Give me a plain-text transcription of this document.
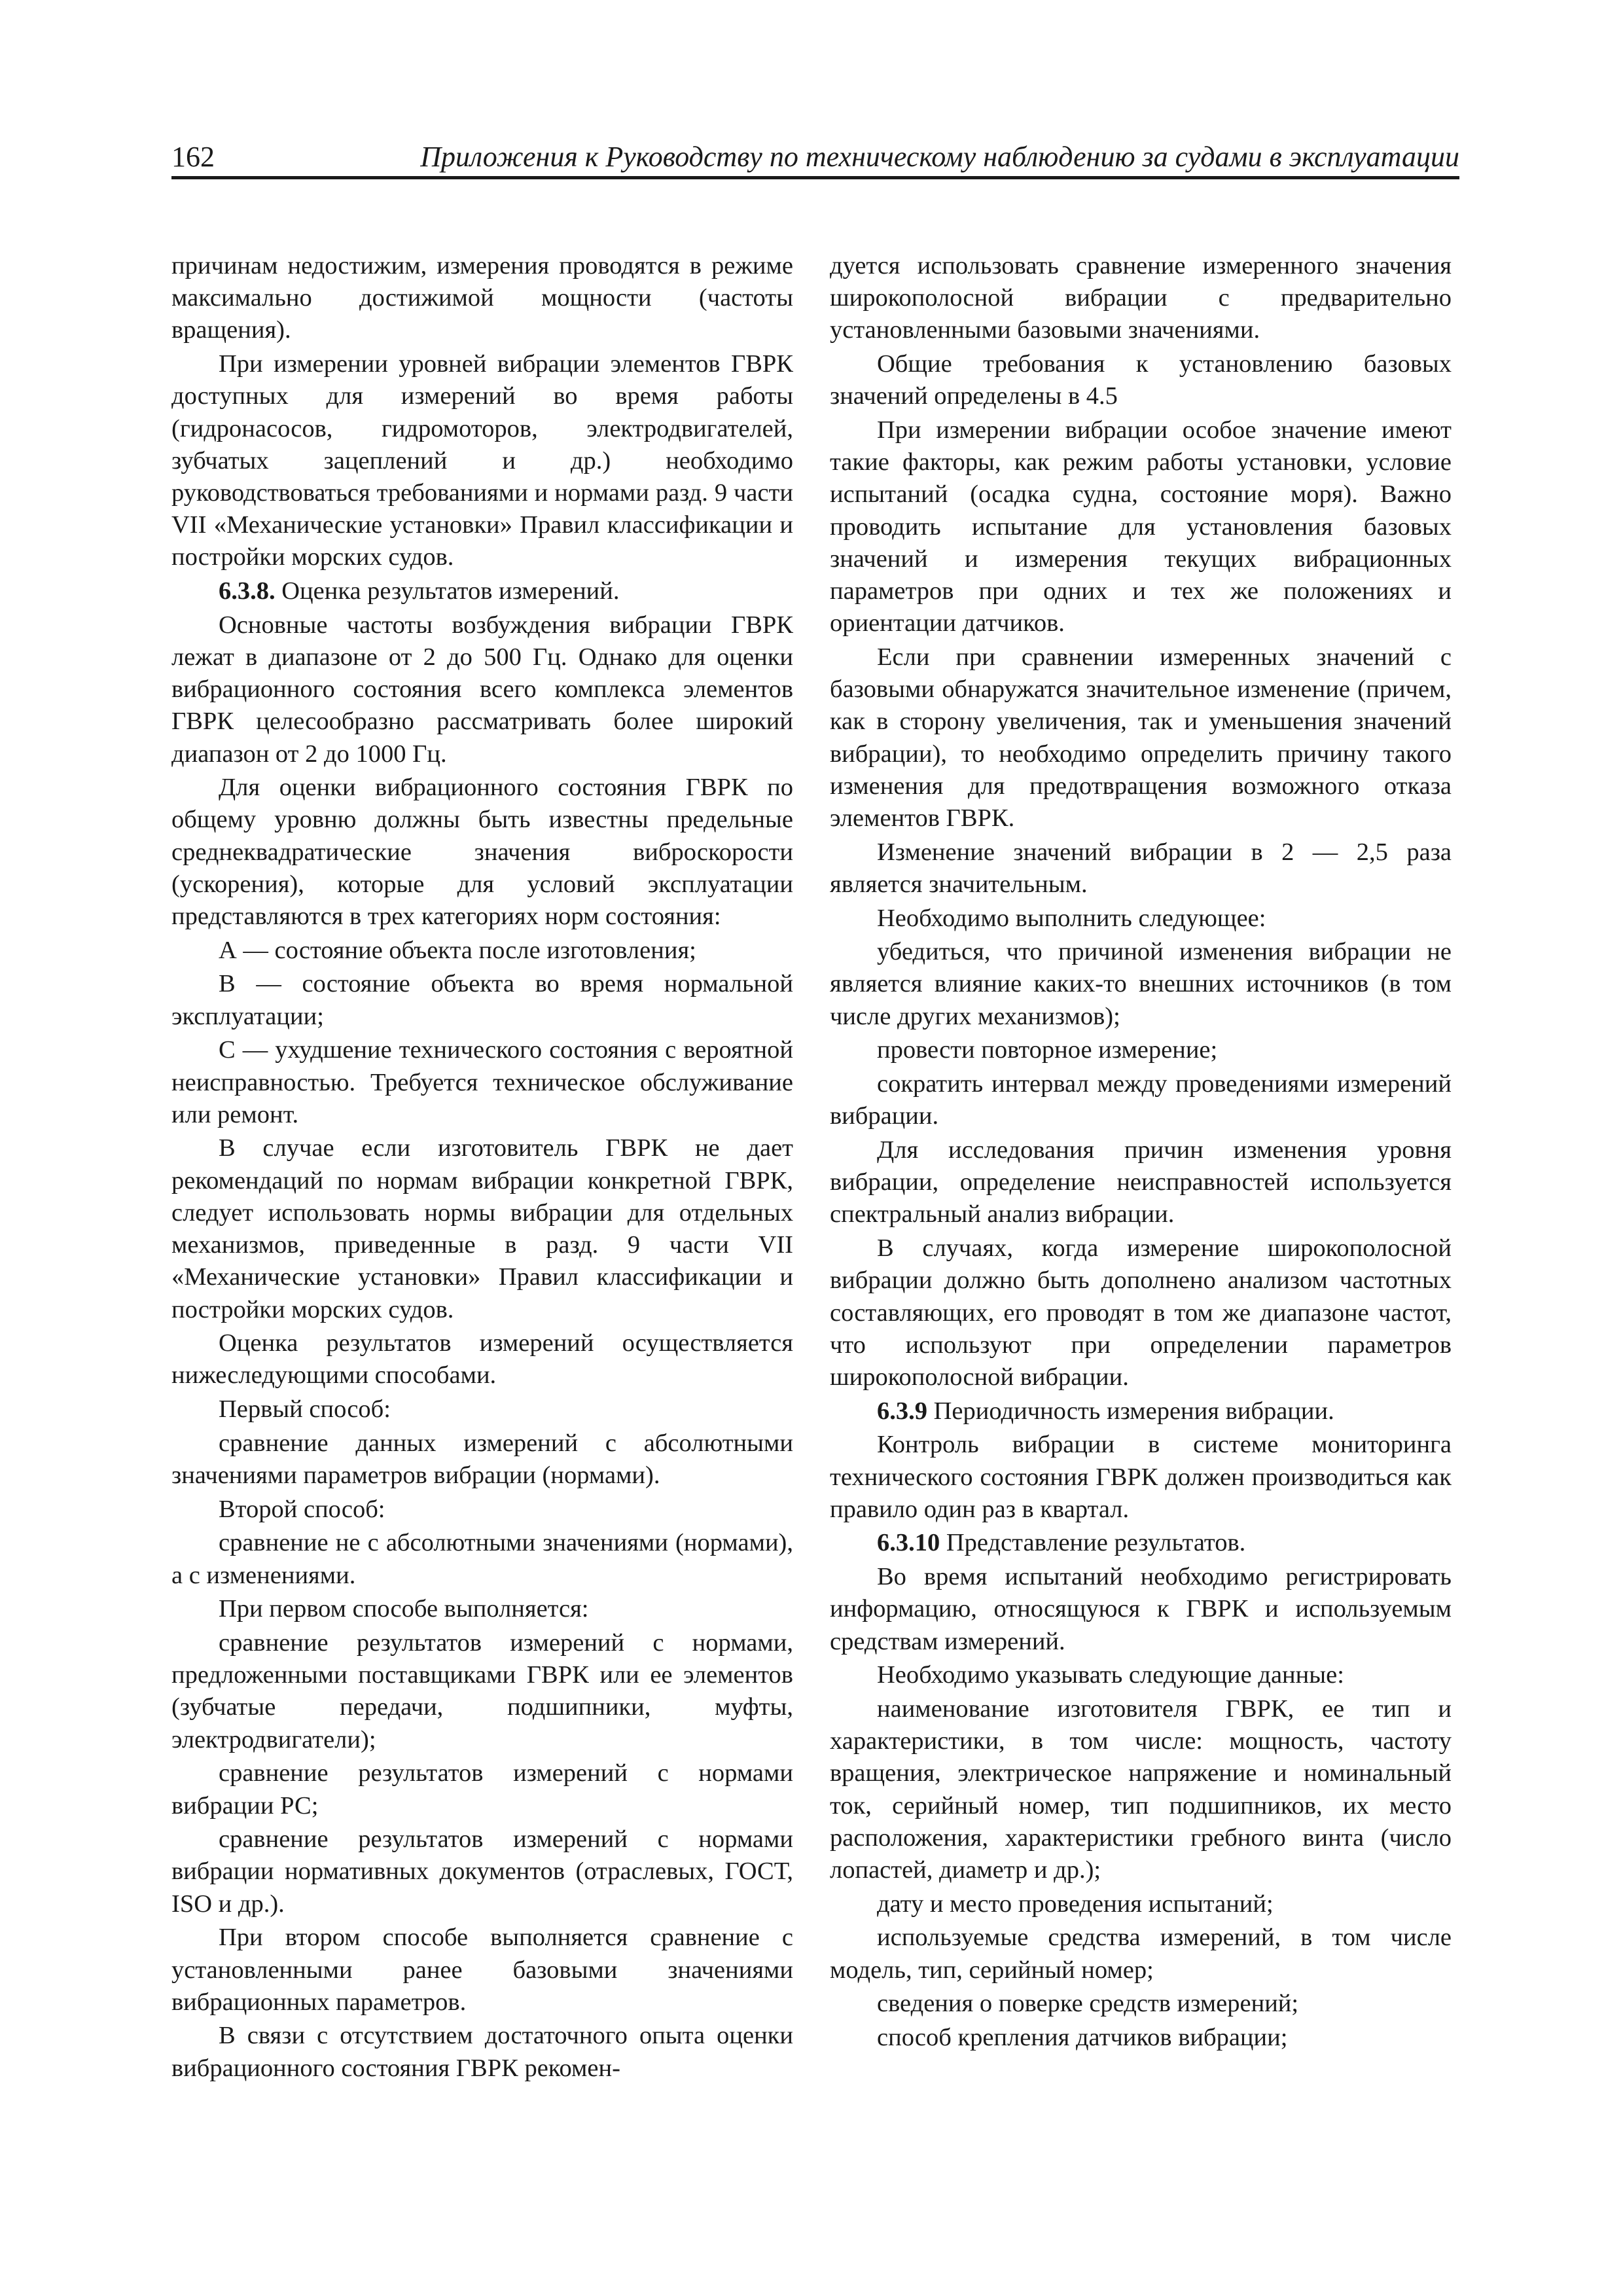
162	Приложения к Руководству по техническому наблюдению за судами в эксплуатации

причинам недостижим, измерения проводятся в режиме максимально достижимой мощности (частоты вращения).

При измерении уровней вибрации элементов ГВРК доступных для измерений во время работы (гидронасосов, гидромоторов, электродвигателей, зубчатых зацеплений и др.) необходимо руководствоваться требованиями и нормами разд. 9 части VII «Механические установки» Правил классификации и постройки морских судов.

6.3.8. Оценка результатов измерений.

Основные частоты возбуждения вибрации ГВРК лежат в диапазоне от 2 до 500 Гц. Однако для оценки вибрационного состояния всего комплекса элементов ГВРК целесообразно рассматривать более широкий диапазон от 2 до 1000 Гц.

Для оценки вибрационного состояния ГВРК по общему уровню должны быть известны предельные среднеквадратические значения виброскорости (ускорения), которые для условий эксплуатации представляются в трех категориях норм состояния:

А — состояние объекта после изготовления;

В — состояние объекта во время нормальной эксплуатации;

С — ухудшение технического состояния с вероятной неисправностью. Требуется техническое обслуживание или ремонт.

В случае если изготовитель ГВРК не дает рекомендаций по нормам вибрации конкретной ГВРК, следует использовать нормы вибрации для отдельных механизмов, приведенные в разд. 9 части VII «Механические установки» Правил классификации и постройки морских судов.

Оценка результатов измерений осуществляется нижеследующими способами.

Первый способ:

сравнение данных измерений с абсолютными значениями параметров вибрации (нормами).

Второй способ:

сравнение не с абсолютными значениями (нормами), а с изменениями.

При первом способе выполняется:

сравнение результатов измерений с нормами, предложенными поставщиками ГВРК или ее элементов (зубчатые передачи, подшипники, муфты, электродвигатели);

сравнение результатов измерений с нормами вибрации РС;

сравнение результатов измерений с нормами вибрации нормативных документов (отраслевых, ГОСТ, ISO и др.).

При втором способе выполняется сравнение с установленными ранее базовыми значениями вибрационных параметров.

В связи с отсутствием достаточного опыта оценки вибрационного состояния ГВРК рекомен-

дуется использовать сравнение измеренного значения широкополосной вибрации с предварительно установленными базовыми значениями.

Общие требования к установлению базовых значений определены в 4.5

При измерении вибрации особое значение имеют такие факторы, как режим работы установки, условие испытаний (осадка судна, состояние моря). Важно проводить испытание для установления базовых значений и измерения текущих вибрационных параметров при одних и тех же положениях и ориентации датчиков.

Если при сравнении измеренных значений с базовыми обнаружатся значительное изменение (причем, как в сторону увеличения, так и уменьшения значений вибрации), то необходимо определить причину такого изменения для предотвращения возможного отказа элементов ГВРК.

Изменение значений вибрации в 2 — 2,5 раза является значительным.

Необходимо выполнить следующее:

убедиться, что причиной изменения вибрации не является влияние каких-то внешних источников (в том числе других механизмов);

провести повторное измерение;

сократить интервал между проведениями измерений вибрации.

Для исследования причин изменения уровня вибрации, определение неисправностей используется спектральный анализ вибрации.

В случаях, когда измерение широкополосной вибрации должно быть дополнено анализом частотных составляющих, его проводят в том же диапазоне частот, что используют при определении параметров широкополосной вибрации.

6.3.9 Периодичность измерения вибрации.

Контроль вибрации в системе мониторинга технического состояния ГВРК должен производиться как правило один раз в квартал.

6.3.10 Представление результатов.

Во время испытаний необходимо регистрировать информацию, относящуюся к ГВРК и используемым средствам измерений.

Необходимо указывать следующие данные:

наименование изготовителя ГВРК, ее тип и характеристики, в том числе: мощность, частоту вращения, электрическое напряжение и номинальный ток, серийный номер, тип подшипников, их место расположения, характеристики гребного винта (число лопастей, диаметр и др.);

дату и место проведения испытаний;

используемые средства измерений, в том числе модель, тип, серийный номер;

сведения о поверке средств измерений;

способ крепления датчиков вибрации;
